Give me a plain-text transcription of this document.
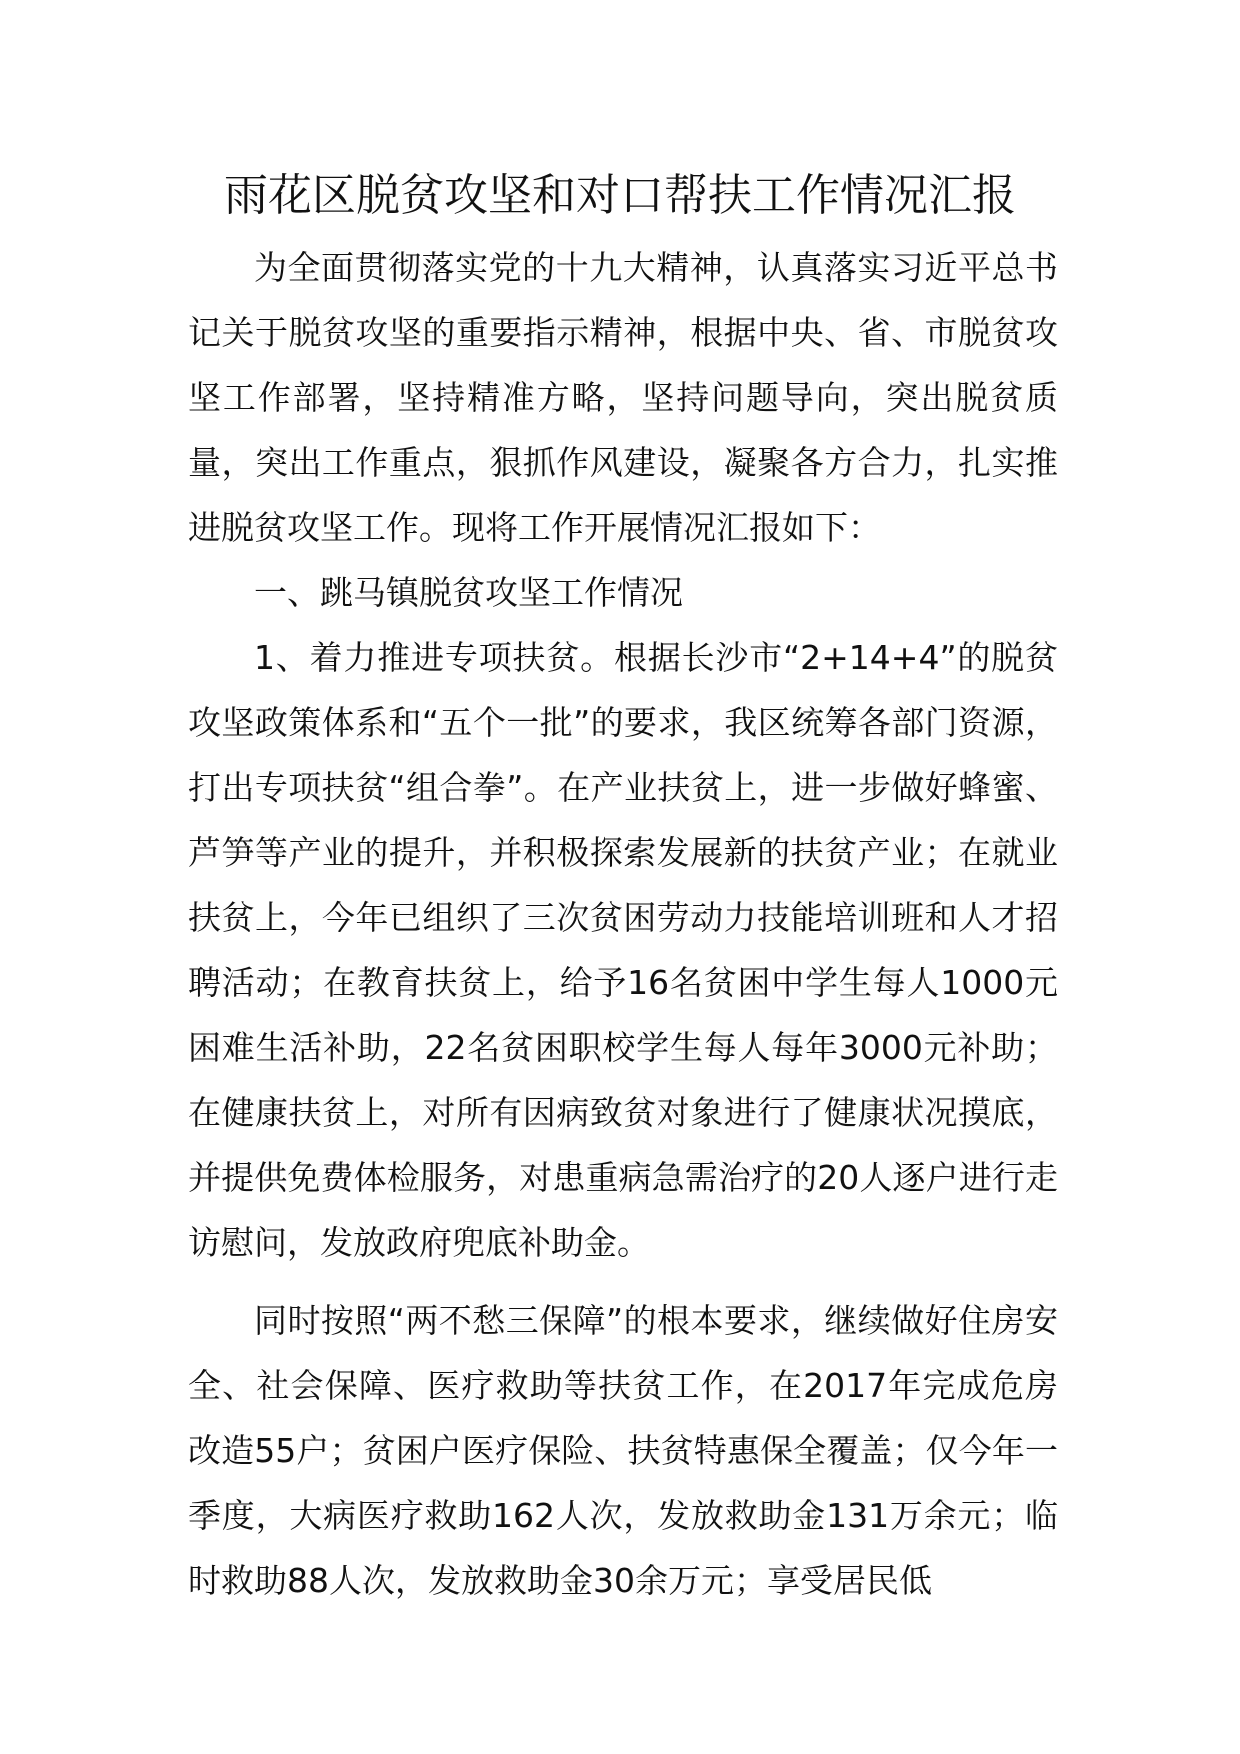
雨花区脱贫攻坚和对口帮扶工作情况汇报

为全面贯彻落实党的十九大精神，认真落实习近平总书记关于脱贫攻坚的重要指示精神，根据中央、省、市脱贫攻坚工作部署，坚持精准方略，坚持问题导向，突出脱贫质量，突出工作重点，狠抓作风建设，凝聚各方合力，扎实推进脱贫攻坚工作。现将工作开展情况汇报如下：

一、跳马镇脱贫攻坚工作情况

1、着力推进专项扶贫。根据长沙市“2+14+4”的脱贫攻坚政策体系和“五个一批”的要求，我区统筹各部门资源，打出专项扶贫“组合拳”。在产业扶贫上，进一步做好蜂蜜、芦笋等产业的提升，并积极探索发展新的扶贫产业；在就业扶贫上，今年已组织了三次贫困劳动力技能培训班和人才招聘活动；在教育扶贫上，给予16名贫困中学生每人1000元困难生活补助，22名贫困职校学生每人每年3000元补助；在健康扶贫上，对所有因病致贫对象进行了健康状况摸底，并提供免费体检服务，对患重病急需治疗的20人逐户进行走访慰问，发放政府兜底补助金。

同时按照“两不愁三保障”的根本要求，继续做好住房安全、社会保障、医疗救助等扶贫工作，在2017年完成危房改造55户；贫困户医疗保险、扶贫特惠保全覆盖；仅今年一季度，大病医疗救助162人次，发放救助金131万余元；临时救助88人次，发放救助金30余万元；享受居民低
